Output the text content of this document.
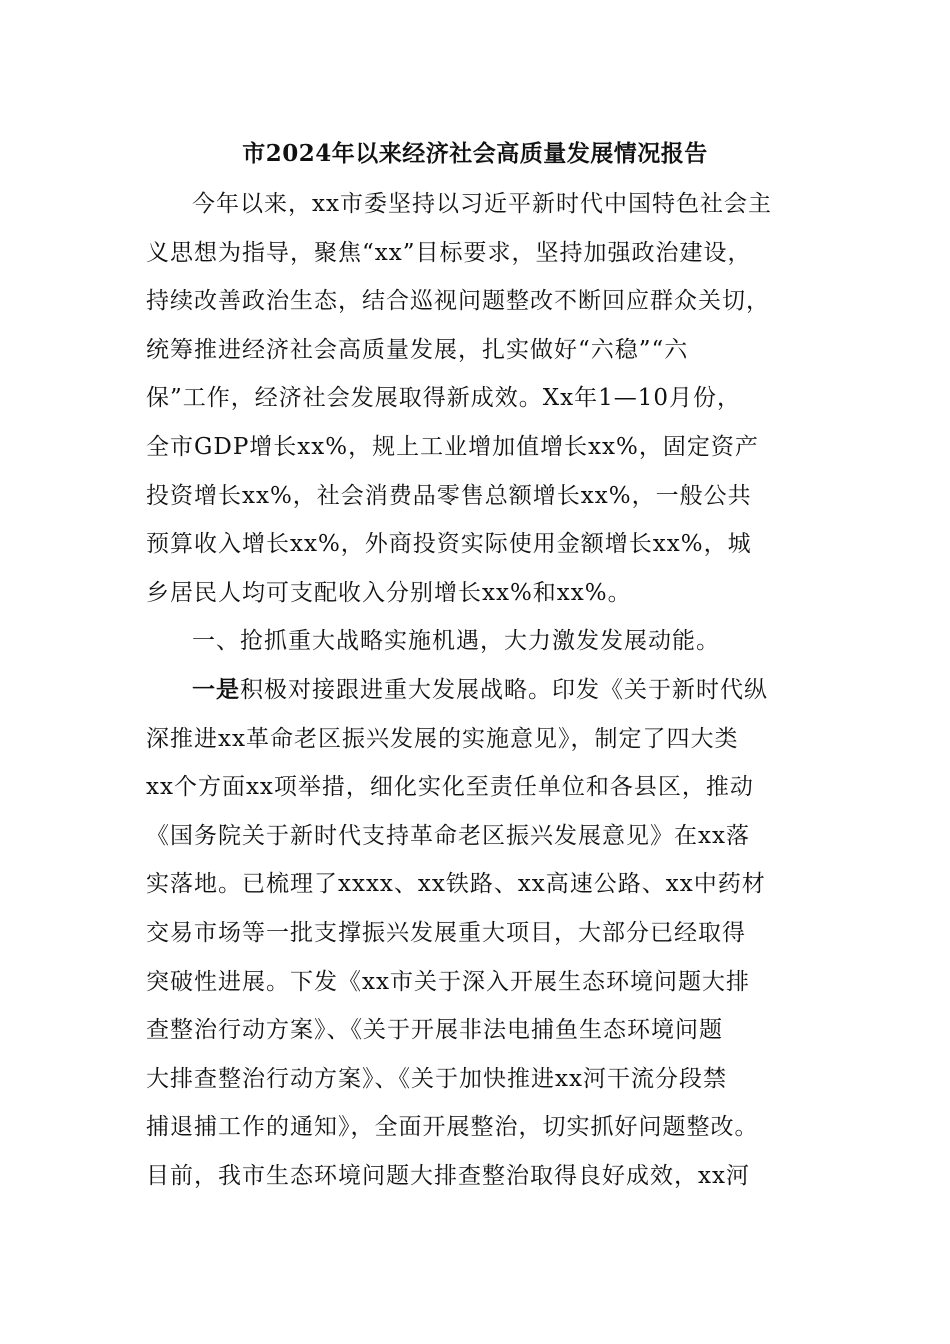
市2024年以来经济社会高质量发展情况报告
今年以来，xx市委坚持以习近平新时代中国特色社会主
义思想为指导，聚焦“xx”目标要求，坚持加强政治建设，
持续改善政治生态，结合巡视问题整改不断回应群众关切，
统筹推进经济社会高质量发展，扎实做好“六稳”“六
保”工作，经济社会发展取得新成效。Xx年1—10月份，
全市GDP增长xx%，规上工业增加值增长xx%，固定资产
投资增长xx%，社会消费品零售总额增长xx%，一般公共
预算收入增长xx%，外商投资实际使用金额增长xx%，城
乡居民人均可支配收入分别增长xx%和xx%。
一、抢抓重大战略实施机遇，大力激发发展动能。
一是积极对接跟进重大发展战略。印发《关于新时代纵
深推进xx革命老区振兴发展的实施意见》，制定了四大类
xx个方面xx项举措，细化实化至责任单位和各县区，推动
《国务院关于新时代支持革命老区振兴发展意见》在xx落
实落地。已梳理了xxxx、xx铁路、xx高速公路、xx中药材
交易市场等一批支撑振兴发展重大项目，大部分已经取得
突破性进展。下发《xx市关于深入开展生态环境问题大排
查整治行动方案》、《关于开展非法电捕鱼生态环境问题
大排查整治行动方案》、《关于加快推进xx河干流分段禁
捕退捕工作的通知》，全面开展整治，切实抓好问题整改。
目前，我市生态环境问题大排查整治取得良好成效，xx河
